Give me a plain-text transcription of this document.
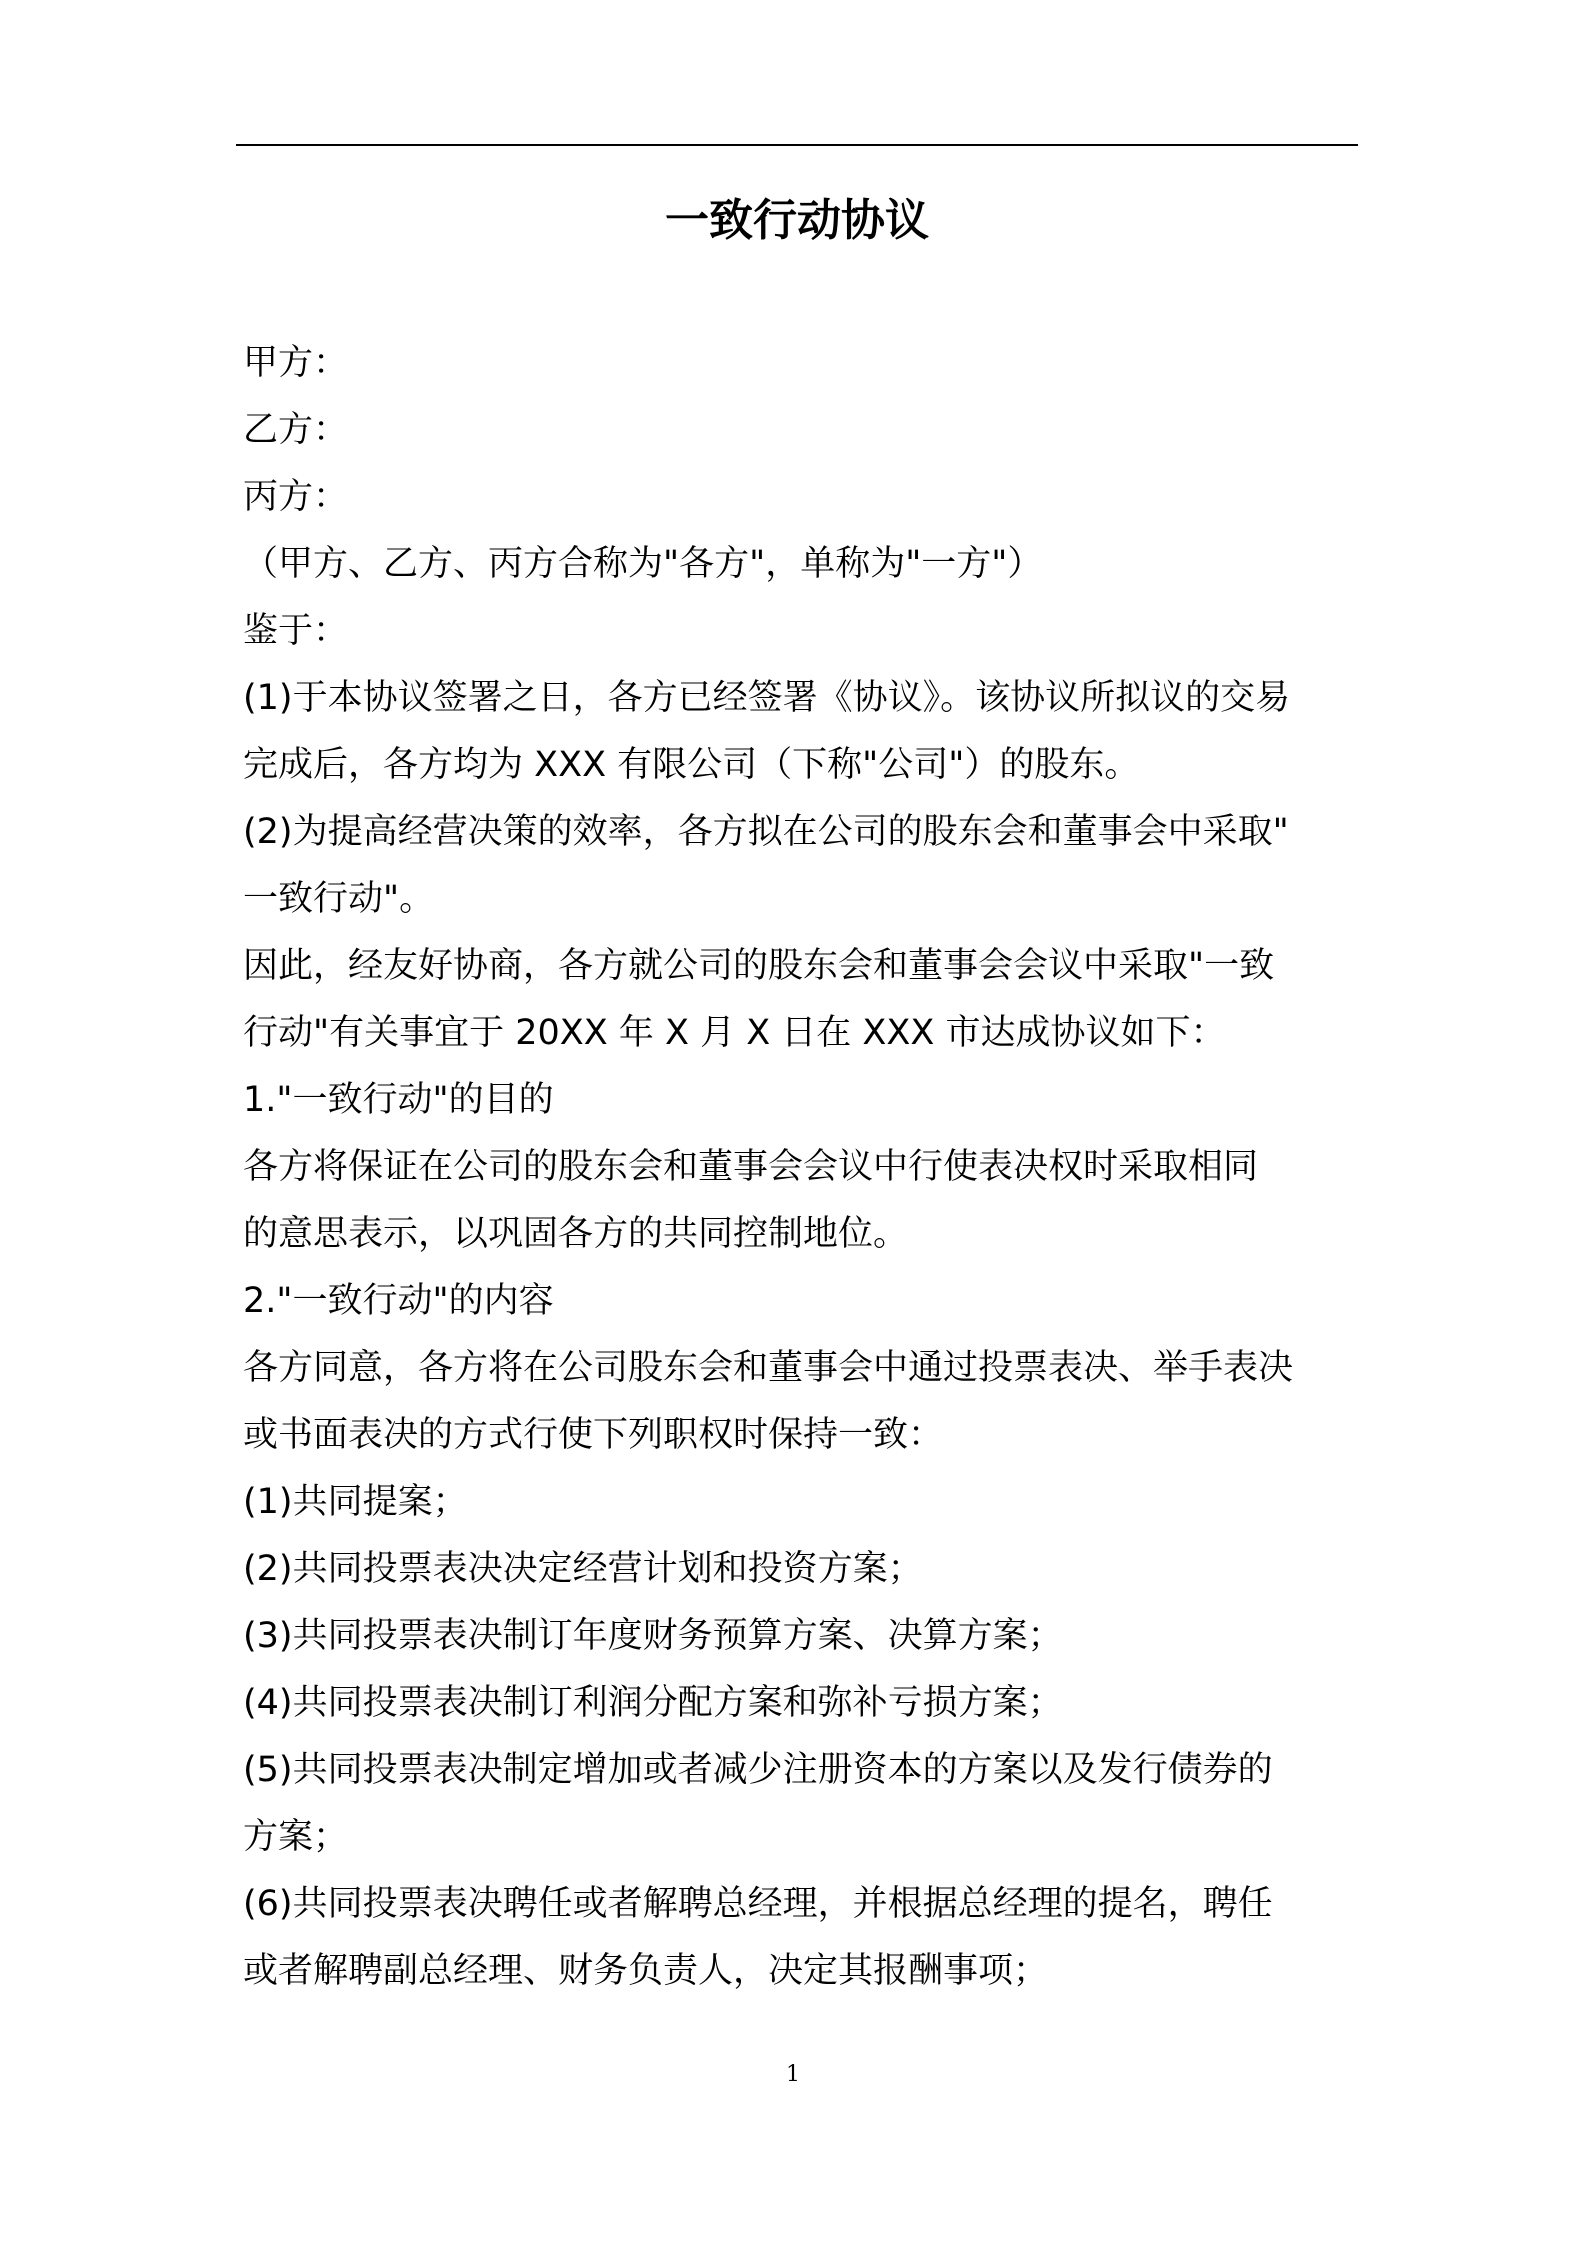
一致行动协议

甲方：

乙方：

丙方：

（甲方、乙方、丙方合称为"各方"，单称为"一方"）

鉴于：

(1)于本协议签署之日，各方已经签署《协议》。该协议所拟议的交易

完成后，各方均为 XXX 有限公司（下称"公司"）的股东。

(2)为提高经营决策的效率，各方拟在公司的股东会和董事会中采取"

一致行动"。

因此，经友好协商，各方就公司的股东会和董事会会议中采取"一致

行动"有关事宜于 20XX 年 X 月 X 日在 XXX 市达成协议如下：

1."一致行动"的目的

各方将保证在公司的股东会和董事会会议中行使表决权时采取相同

的意思表示，以巩固各方的共同控制地位。

2."一致行动"的内容

各方同意，各方将在公司股东会和董事会中通过投票表决、举手表决

或书面表决的方式行使下列职权时保持一致：

(1)共同提案；

(2)共同投票表决决定经营计划和投资方案；

(3)共同投票表决制订年度财务预算方案、决算方案；

(4)共同投票表决制订利润分配方案和弥补亏损方案；

(5)共同投票表决制定增加或者减少注册资本的方案以及发行债券的

方案；

(6)共同投票表决聘任或者解聘总经理，并根据总经理的提名，聘任

或者解聘副总经理、财务负责人，决定其报酬事项；

1
